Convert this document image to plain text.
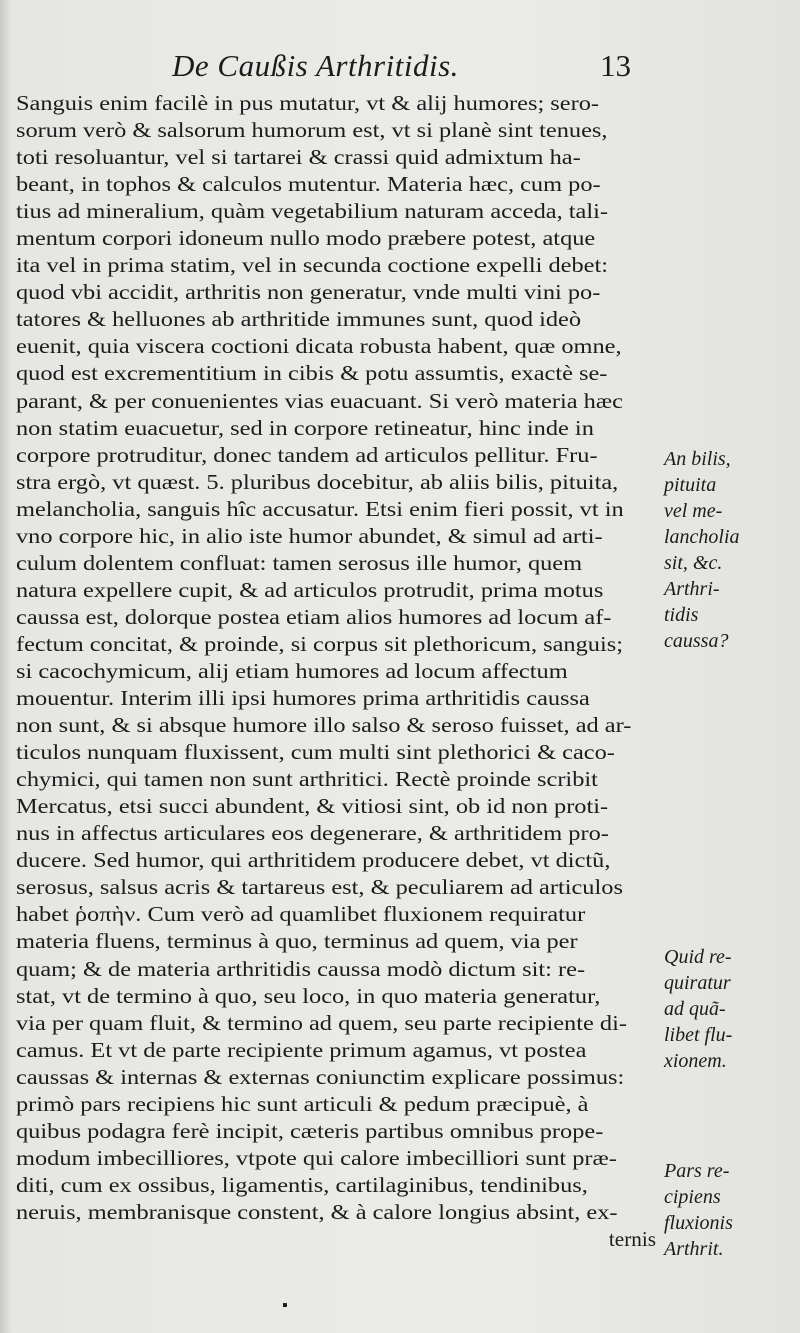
De Caußis Arthritidis.	13
Sanguis enim facilè in pus mutatur, vt & alij humores; sero-
sorum verò & salsorum humorum est, vt si planè sint tenues,
toti resoluantur, vel si tartarei & crassi quid admixtum ha-
beant, in tophos & calculos mutentur. Materia hæc, cum po-
tius ad mineralium, quàm vegetabilium naturam acceda, tali-
mentum corpori idoneum nullo modo præbere potest, atque
ita vel in prima statim, vel in secunda coctione expelli debet:
quod vbi accidit, arthritis non generatur, vnde multi vini po-
tatores & helluones ab arthritide immunes sunt, quod ideò
euenit, quia viscera coctioni dicata robusta habent, quæ omne,
quod est excrementitium in cibis & potu assumtis, exactè se-
parant, & per conuenientes vias euacuant. Si verò materia hæc
non statim euacuetur, sed in corpore retineatur, hinc inde in
corpore protruditur, donec tandem ad articulos pellitur. Fru-
stra ergò, vt quæst. 5. pluribus docebitur, ab aliis bilis, pituita,
melancholia, sanguis hîc accusatur. Etsi enim fieri possit, vt in
vno corpore hic, in alio iste humor abundet, & simul ad arti-
culum dolentem confluat: tamen serosus ille humor, quem
natura expellere cupit, & ad articulos protrudit, prima motus
caussa est, dolorque postea etiam alios humores ad locum af-
fectum concitat, & proinde, si corpus sit plethoricum, sanguis;
si cacochymicum, alij etiam humores ad locum affectum
mouentur. Interim illi ipsi humores prima arthritidis caussa
non sunt, & si absque humore illo salso & seroso fuisset, ad ar-
ticulos nunquam fluxissent, cum multi sint plethorici & caco-
chymici, qui tamen non sunt arthritici. Rectè proinde scribit
Mercatus, etsi succi abundent, & vitiosi sint, ob id non proti-
nus in affectus articulares eos degenerare, & arthritidem pro-
ducere. Sed humor, qui arthritidem producere debet, vt dictũ,
serosus, salsus acris & tartareus est, & peculiarem ad articulos
habet ῥοπὴν. Cum verò ad quamlibet fluxionem requiratur
materia fluens, terminus à quo, terminus ad quem, via per
quam; & de materia arthritidis caussa modò dictum sit: re-
stat, vt de termino à quo, seu loco, in quo materia generatur,
via per quam fluit, & termino ad quem, seu parte recipiente di-
camus. Et vt de parte recipiente primum agamus, vt postea
caussas & internas & externas coniunctim explicare possimus:
primò pars recipiens hic sunt articuli & pedum præcipuè, à
quibus podagra ferè incipit, cæteris partibus omnibus prope-
modum imbecilliores, vtpote qui calore imbecilliori sunt præ-
diti, cum ex ossibus, ligamentis, cartilaginibus, tendinibus,
neruis, membranisque constent, & à calore longius absint, ex-
ternis
An bilis,
pituita
vel me-
lancholia
sit, &c.
Arthri-
tidis
caussa?
Quid re-
quiratur
ad quã-
libet flu-
xionem.
Pars re-
cipiens
fluxionis
Arthrit.
▪
